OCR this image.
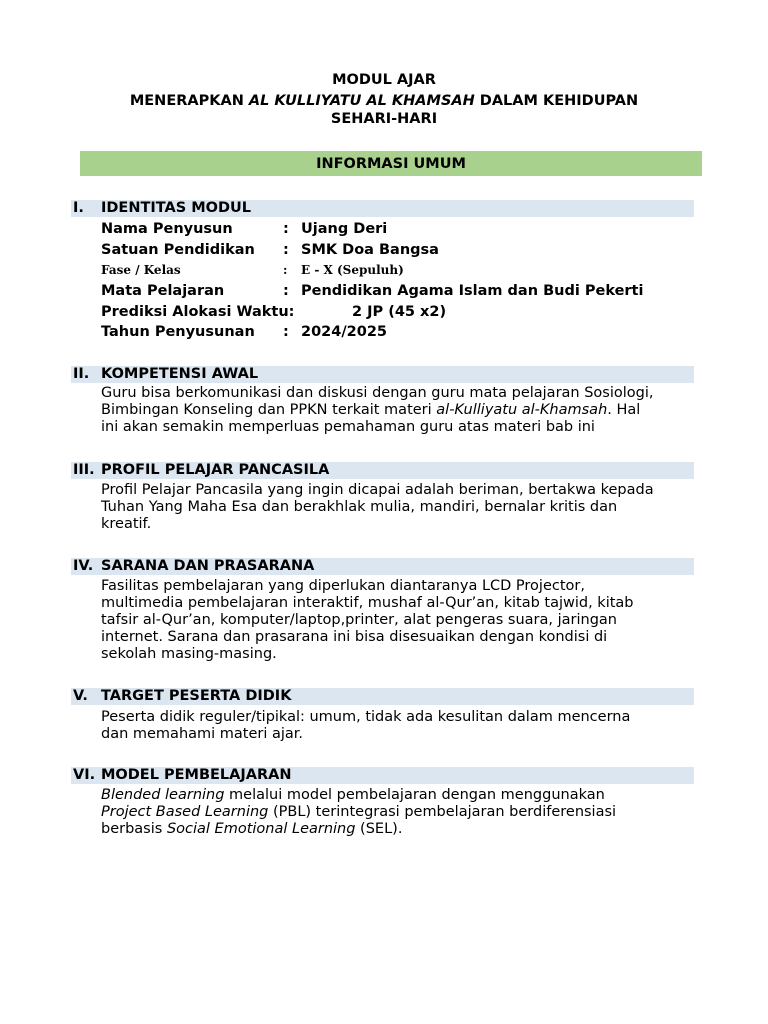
MODUL AJAR
MENERAPKAN AL KULLIYATU AL KHAMSAH DALAM KEHIDUPAN
SEHARI-HARI
INFORMASI UMUM
I. IDENTITAS MODUL
Nama Penyusun	: Ujang Deri
Satuan Pendidikan : SMK Doa Bangsa
Fase / Kelas	: E - X (Sepuluh)
Mata Pelajaran	: Pendidikan Agama Islam dan Budi Pekerti
Prediksi Alokasi Waktu:	2 JP (45 x2)
Tahun Penyusunan : 2024/2025
II. KOMPETENSI AWAL
Guru bisa berkomunikasi dan diskusi dengan guru mata pelajaran Sosiologi,
Bimbingan Konseling dan PPKN terkait materi al-Kulliyatu al-Khamsah. Hal
ini akan semakin memperluas pemahaman guru atas materi bab ini
III. PROFIL PELAJAR PANCASILA
Profil Pelajar Pancasila yang ingin dicapai adalah beriman, bertakwa kepada
Tuhan Yang Maha Esa dan berakhlak mulia, mandiri, bernalar kritis dan
kreatif.
IV. SARANA DAN PRASARANA
Fasilitas pembelajaran yang diperlukan diantaranya LCD Projector,
multimedia pembelajaran interaktif, mushaf al-Qur’an, kitab tajwid, kitab
tafsir al-Qur’an, komputer/laptop,printer, alat pengeras suara, jaringan
internet. Sarana dan prasarana ini bisa disesuaikan dengan kondisi di
sekolah masing-masing.
V. TARGET PESERTA DIDIK
Peserta didik reguler/tipikal: umum, tidak ada kesulitan dalam mencerna
dan memahami materi ajar.
VI. MODEL PEMBELAJARAN
Blended learning melalui model pembelajaran dengan menggunakan
Project Based Learning (PBL) terintegrasi pembelajaran berdiferensiasi
berbasis Social Emotional Learning (SEL).
